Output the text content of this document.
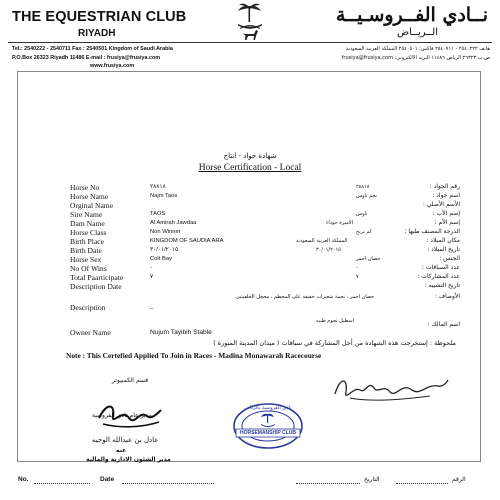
THE EQUESTRIAN CLUB
RIYADH
نــادي الفــروسـيــة
الــريــاض
Tel.: 2540222 - 2540711 Fax : 2540501 Kingdom of Saudi Arabia
P.O.Box 26323 Riyadh 11486 E-mail : frusiya@frusiya.com
www.frusiya.com
هاتف ٢٥٤٠٢٢٢ - ٢٥٤٠٧١١ فاكس: ٢٥٤٠٥٠١ المملكة العربية السعودية
ص.ب ٢٦٣٢٣ الرياض ١١٤٨٦ البريد الالكتروني: frusiya@frusiya.com
شهادة جواد - انتاج
Horse Certification - Local
Horse No	٢٨٨١٨	٢٨٨١٨	رقم الجواد :
Horse Name	Najm Taos	نجم تاوس	اسم جواد :
Orginal Name	الأسم الأصلي :
Sire Name	TAOS	تاوس	إسم الأب :
Dam Name	Al Amirah Jawdaa	الاميرة جوداء	إسم الأم :
Horse Class	Non Winner	لم تربح	الدرجة المصنف طبها :
Birth Place	KINGDOM OF SAUDIA ARA	المملكة العربية السعودية	مكان الميلاد :
Birth Date	٣٠/٠١/٢٠١٥	٣٠/٠١/٢٠١٥	تاريخ الميلاد :
Horse Sex	Colt Bay	حصان احمر	الجنس :
No Of Wins	-	-	عدد السباقات :
Total Paarticipate	٧	٧	عدد المشاركات :
Description Date	تاريخ التشبيه :
حصان احمر ، نجمة شعيرات خفيفه على المخطم ، محجل الخلفيتين	الأوصاف :
Description	_
اسطبل نجوم طيبه	اسم المالك :
Owner Name	Nujum Tayibih Stable
ملحوظة : إستخرجت هذه الشهادة من أجل المشاركة في سباقات ( ميدان المدينة المنورة )
Note : This Certefied Applied To Join in Races - Madina Monawarah Racecourse
قسم الكمبيوتر
مدير عام نادي الفروسية
عادل بن عبدالله الوجيه
عنه
مدير الشئون الادارية والمالية
نادي الفروسية بالرياض
HORSEMANSHIP CLUB
No.	Date	التاريخ	الرقم
